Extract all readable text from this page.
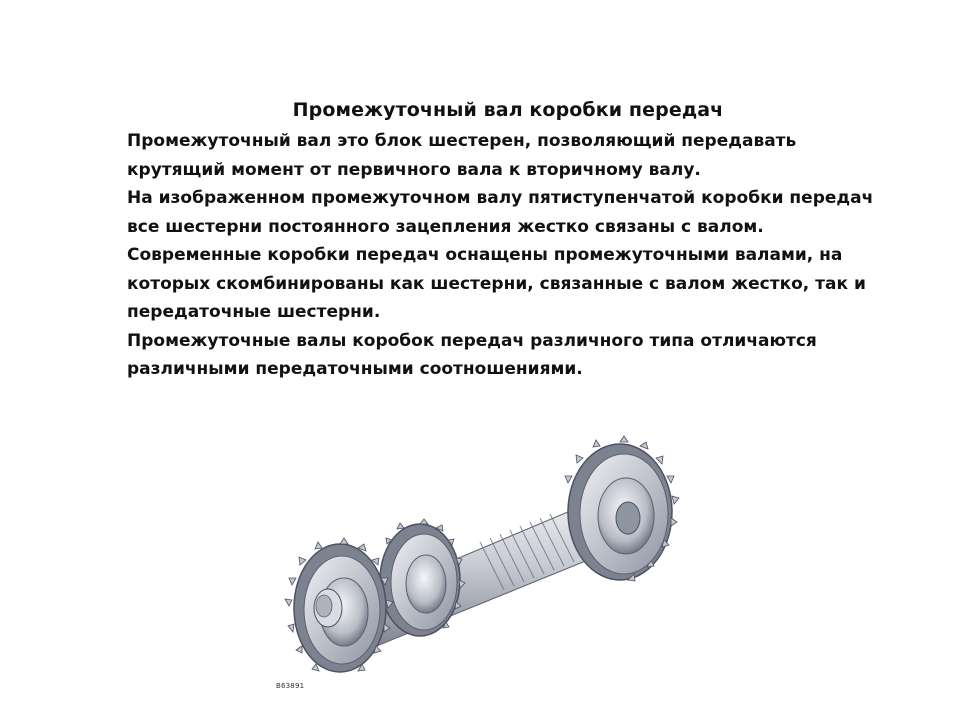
Промежуточный вал коробки передач

Промежуточный вал это блок шестерен, позволяющий передавать крутящий момент от первичного вала к вторичному валу.

На изображенном промежуточном валу пятиступенчатой коробки передач все шестерни постоянного зацепления жестко связаны с валом.

Современные коробки передач оснащены промежуточными валами, на которых скомбинированы как шестерни, связанные с валом жестко, так и передаточные шестерни.

Промежуточные валы коробок передач различного типа отличаются различными передаточными соотношениями.

B63891
